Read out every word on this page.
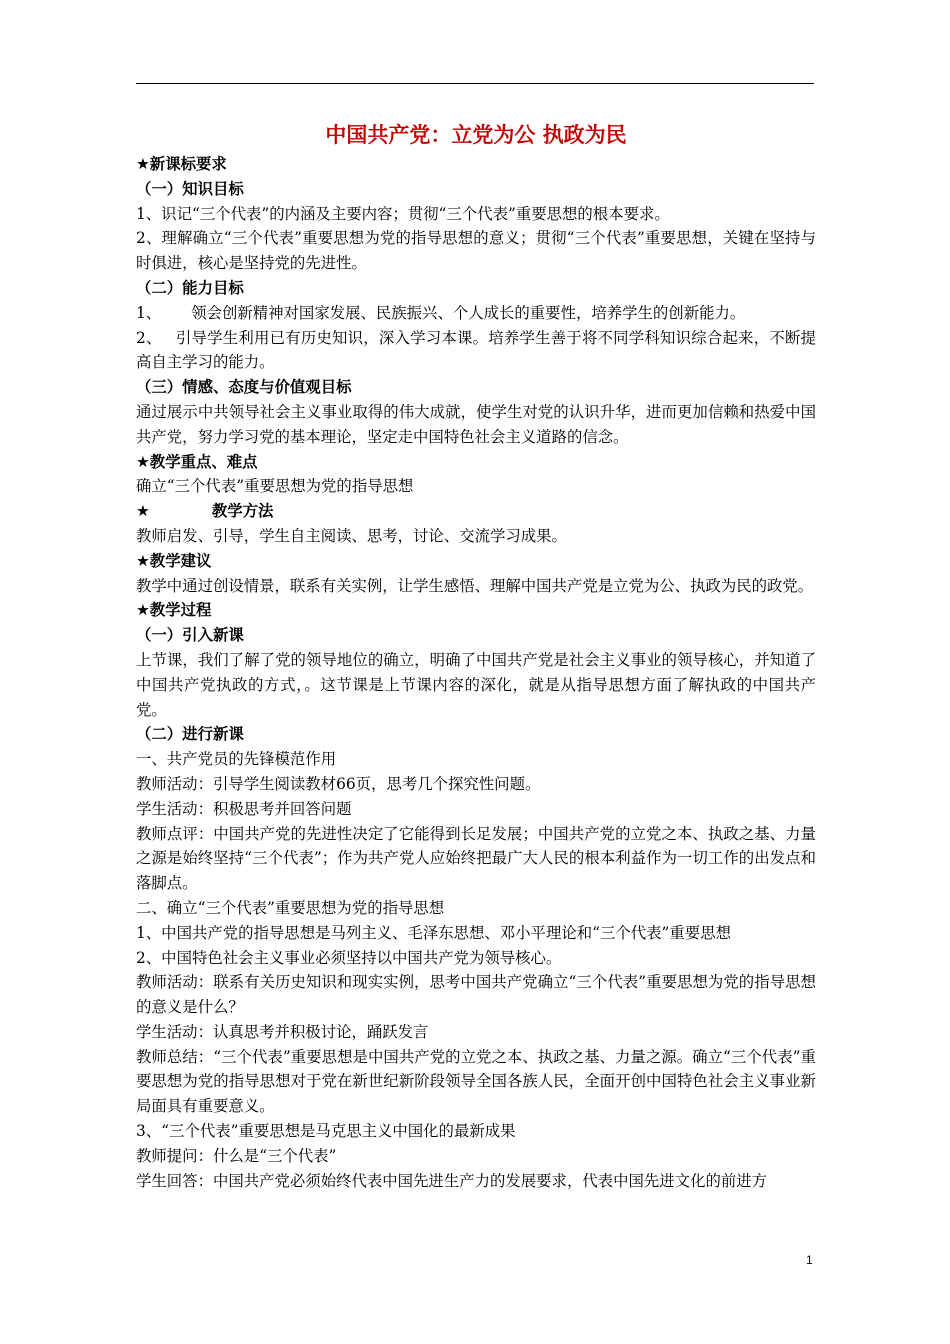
中国共产党：立党为公 执政为民

★新课标要求

（一）知识目标

1、识记“三个代表”的内涵及主要内容；贯彻“三个代表”重要思想的根本要求。

2、理解确立“三个代表”重要思想为党的指导思想的意义；贯彻“三个代表”重要思想，关键在坚持与时俱进，核心是坚持党的先进性。

（二）能力目标

1、 领会创新精神对国家发展、民族振兴、个人成长的重要性，培养学生的创新能力。

2、 引导学生利用已有历史知识，深入学习本课。培养学生善于将不同学科知识综合起来，不断提高自主学习的能力。

（三）情感、态度与价值观目标

通过展示中共领导社会主义事业取得的伟大成就，使学生对党的认识升华，进而更加信赖和热爱中国共产党，努力学习党的基本理论，坚定走中国特色社会主义道路的信念。

★教学重点、难点

确立“三个代表”重要思想为党的指导思想

★	教学方法

教师启发、引导，学生自主阅读、思考，讨论、交流学习成果。

★教学建议

教学中通过创设情景，联系有关实例，让学生感悟、理解中国共产党是立党为公、执政为民的政党。

★教学过程

（一）引入新课

上节课，我们了解了党的领导地位的确立，明确了中国共产党是社会主义事业的领导核心，并知道了中国共产党执政的方式，。这节课是上节课内容的深化，就是从指导思想方面了解执政的中国共产党。

（二）进行新课

一、共产党员的先锋模范作用

教师活动：引导学生阅读教材66页，思考几个探究性问题。

学生活动：积极思考并回答问题

教师点评：中国共产党的先进性决定了它能得到长足发展；中国共产党的立党之本、执政之基、力量之源是始终坚持“三个代表”；作为共产党人应始终把最广大人民的根本利益作为一切工作的出发点和落脚点。

二、确立“三个代表”重要思想为党的指导思想

1、中国共产党的指导思想是马列主义、毛泽东思想、邓小平理论和“三个代表”重要思想

2、中国特色社会主义事业必须坚持以中国共产党为领导核心。

教师活动：联系有关历史知识和现实实例，思考中国共产党确立“三个代表”重要思想为党的指导思想的意义是什么？

学生活动：认真思考并积极讨论，踊跃发言

教师总结：“三个代表”重要思想是中国共产党的立党之本、执政之基、力量之源。确立“三个代表”重要思想为党的指导思想对于党在新世纪新阶段领导全国各族人民，全面开创中国特色社会主义事业新局面具有重要意义。

3、“三个代表”重要思想是马克思主义中国化的最新成果

教师提问：什么是“三个代表”

学生回答：中国共产党必须始终代表中国先进生产力的发展要求，代表中国先进文化的前进方

1
